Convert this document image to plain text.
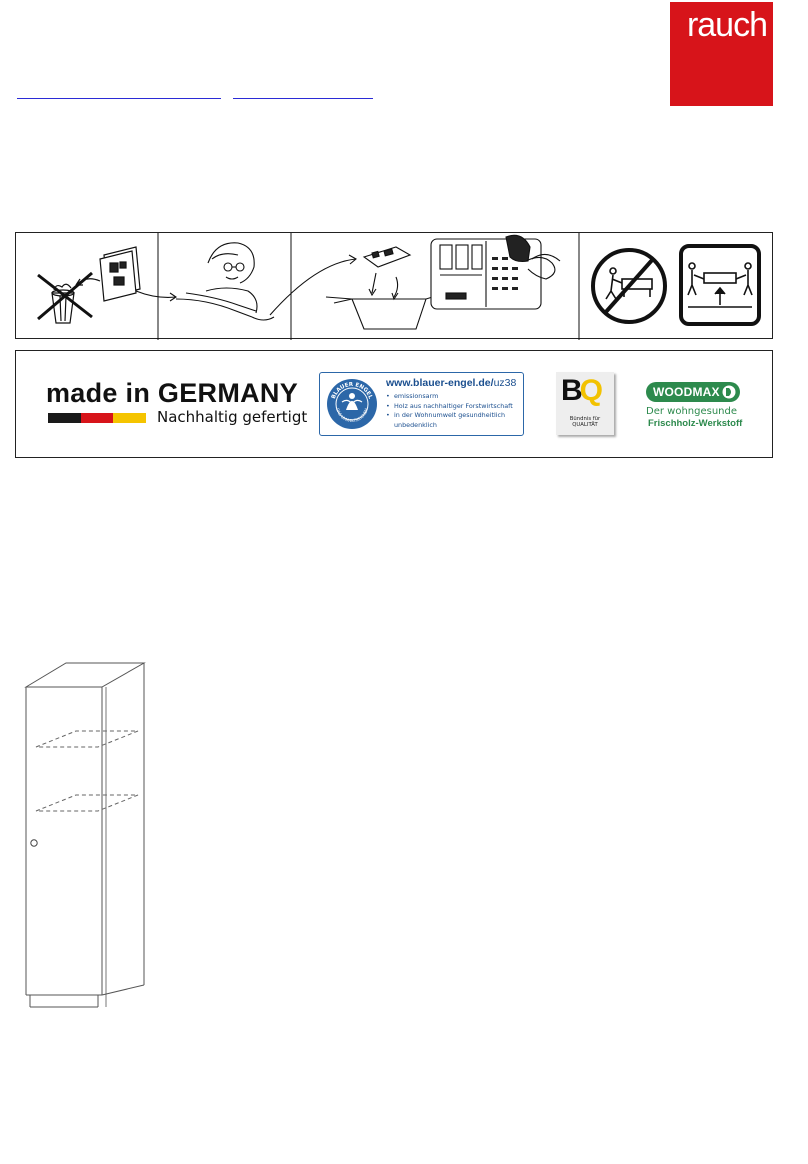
rauch
made in GERMANY
Nachhaltig gefertigt
BLAUER ENGEL
DAS UMWELTZEICHEN
www.blauer-engel.de/uz38
• emissionsarm
• Holz aus nachhaltiger Forstwirtschaft
• in der Wohnumwelt gesundheitlich unbedenklich
BQ
Bündnis für
QUALITÄT
WOODMAX
Der wohngesunde
Frischholz-Werkstoff
